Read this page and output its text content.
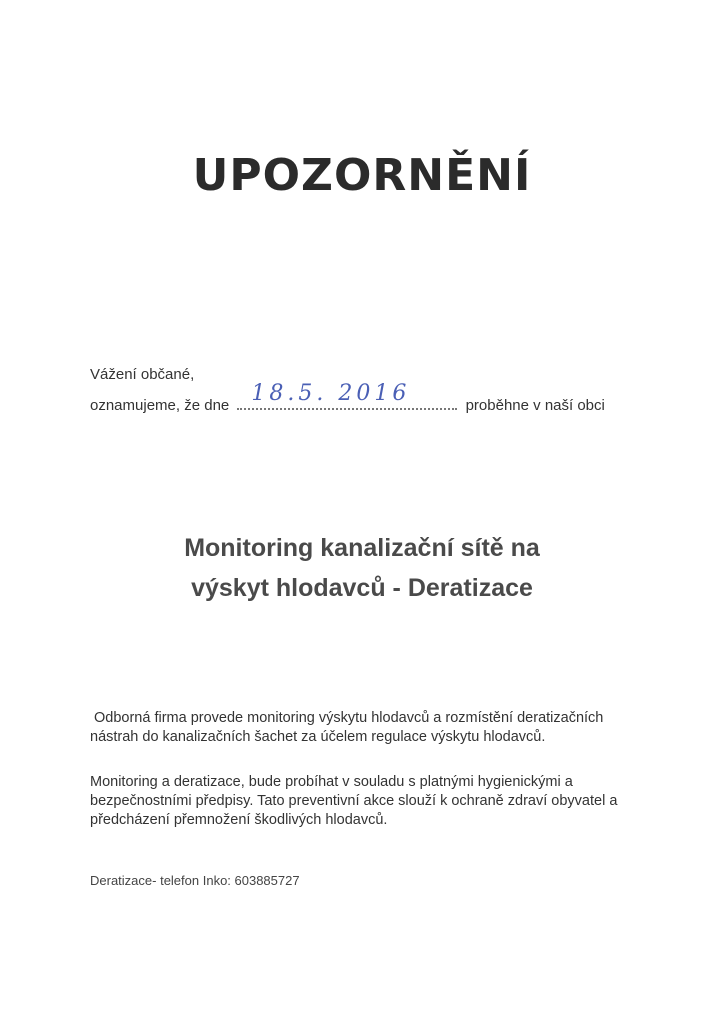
UPOZORNĚNÍ
Vážení občané,
oznamujeme, že dne 18.5. 2016	proběhne v naší obci
Monitoring kanalizační sítě na
výskyt hlodavců - Deratizace
Odborná firma provede monitoring výskytu hlodavců a rozmístění deratizačních nástrah do kanalizačních šachet za účelem regulace výskytu hlodavců.
Monitoring a deratizace, bude probíhat v souladu s platnými hygienickými a bezpečnostními předpisy. Tato preventivní akce slouží k ochraně zdraví obyvatel a předcházení přemnožení škodlivých hlodavců.
Deratizace- telefon Inko: 603885727
